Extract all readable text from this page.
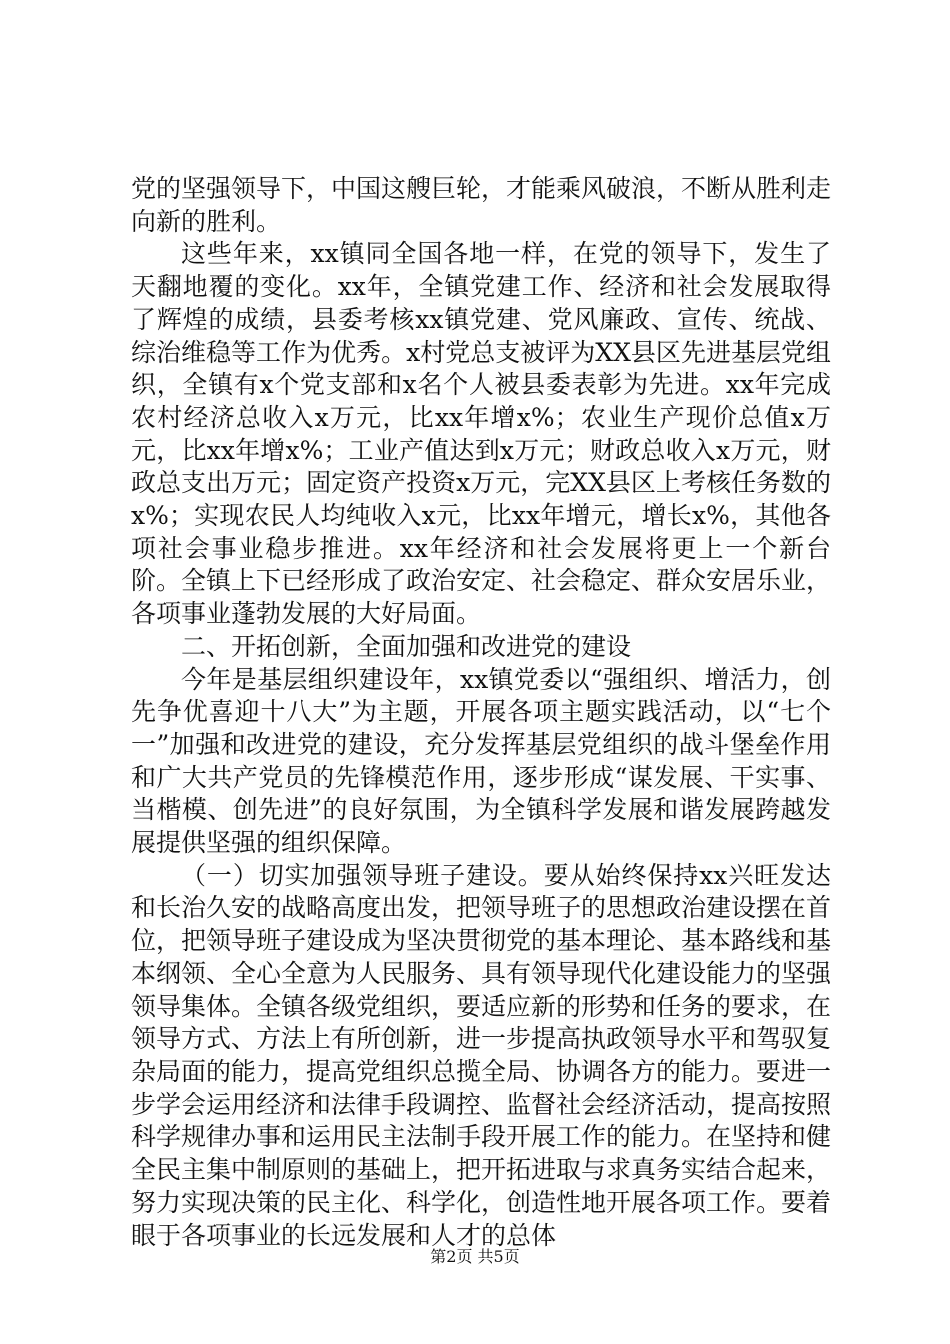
党的坚强领导下，中国这艘巨轮，才能乘风破浪，不断从胜利走向新的胜利。

这些年来，xx镇同全国各地一样，在党的领导下，发生了天翻地覆的变化。xx年，全镇党建工作、经济和社会发展取得了辉煌的成绩，县委考核xx镇党建、党风廉政、宣传、统战、综治维稳等工作为优秀。x村党总支被评为XX县区先进基层党组织，全镇有x个党支部和x名个人被县委表彰为先进。xx年完成农村经济总收入x万元，比xx年增x%；农业生产现价总值x万元，比xx年增x%；工业产值达到x万元；财政总收入x万元，财政总支出万元；固定资产投资x万元，完XX县区上考核任务数的x%；实现农民人均纯收入x元，比xx年增元，增长x%，其他各项社会事业稳步推进。xx年经济和社会发展将更上一个新台阶。全镇上下已经形成了政治安定、社会稳定、群众安居乐业，各项事业蓬勃发展的大好局面。

二、开拓创新，全面加强和改进党的建设

今年是基层组织建设年，xx镇党委以“强组织、增活力，创先争优喜迎十八大”为主题，开展各项主题实践活动，以“七个一”加强和改进党的建设，充分发挥基层党组织的战斗堡垒作用和广大共产党员的先锋模范作用，逐步形成“谋发展、干实事、当楷模、创先进”的良好氛围，为全镇科学发展和谐发展跨越发展提供坚强的组织保障。

（一）切实加强领导班子建设。要从始终保持xx兴旺发达和长治久安的战略高度出发，把领导班子的思想政治建设摆在首位，把领导班子建设成为坚决贯彻党的基本理论、基本路线和基本纲领、全心全意为人民服务、具有领导现代化建设能力的坚强领导集体。全镇各级党组织，要适应新的形势和任务的要求，在领导方式、方法上有所创新，进一步提高执政领导水平和驾驭复杂局面的能力，提高党组织总揽全局、协调各方的能力。要进一步学会运用经济和法律手段调控、监督社会经济活动，提高按照科学规律办事和运用民主法制手段开展工作的能力。在坚持和健全民主集中制原则的基础上，把开拓进取与求真务实结合起来，努力实现决策的民主化、科学化，创造性地开展各项工作。要着眼于各项事业的长远发展和人才的总体

第2页 共5页
